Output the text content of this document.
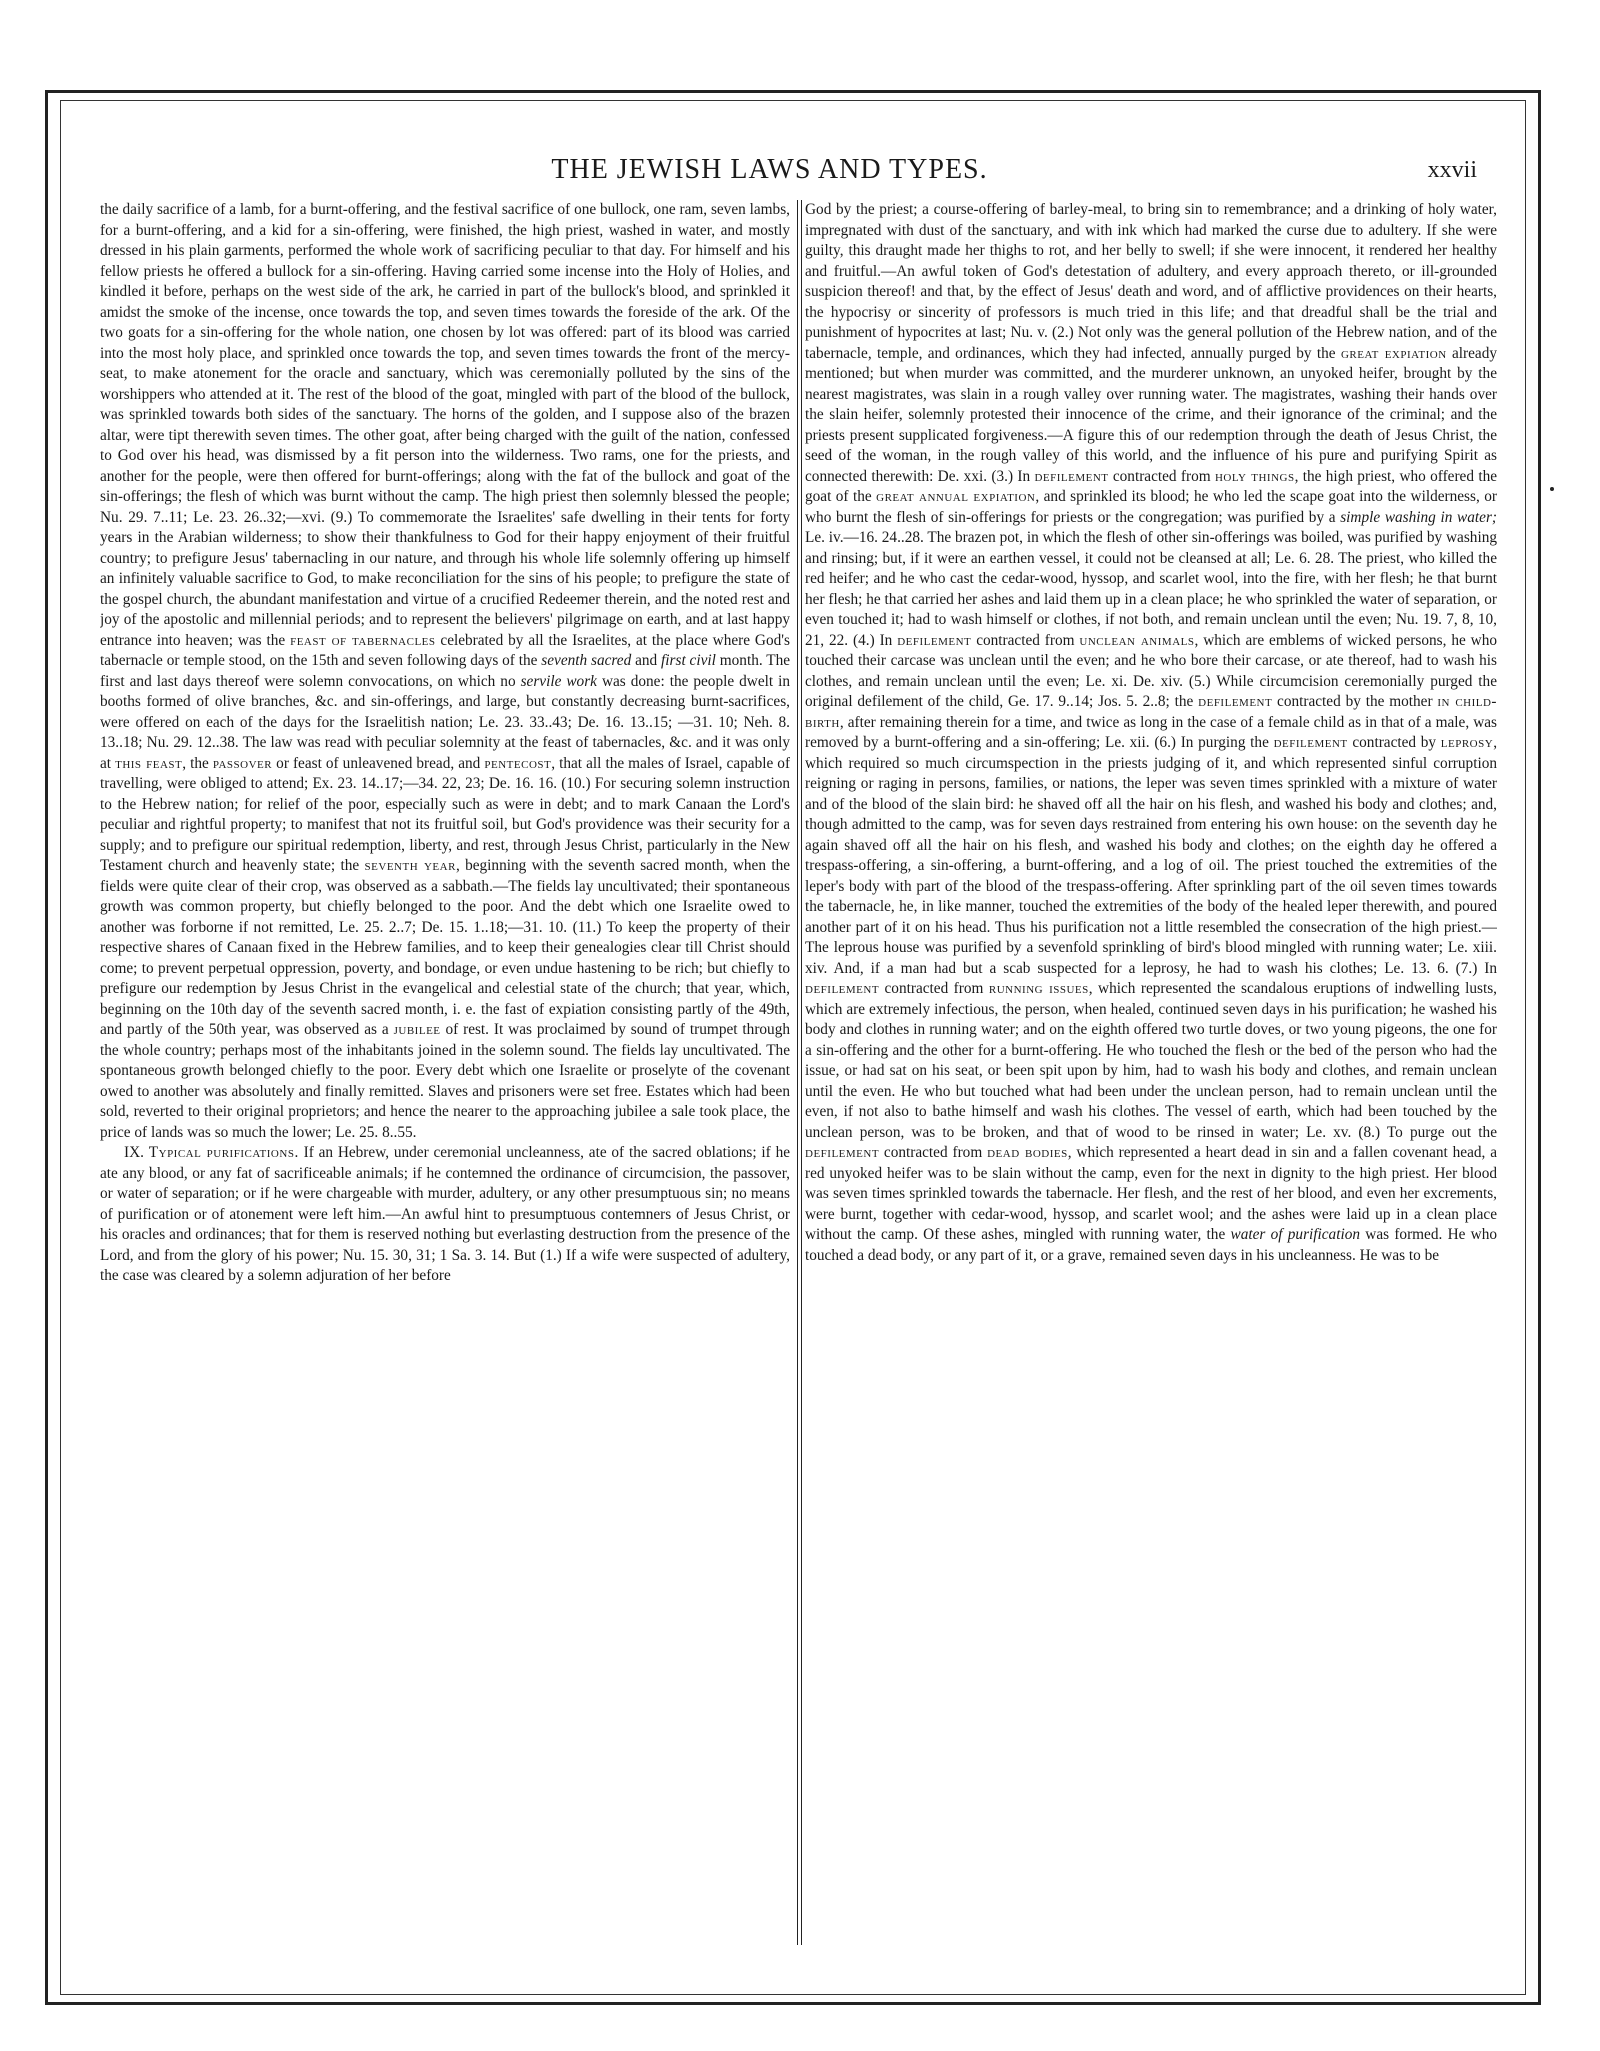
THE JEWISH LAWS AND TYPES.	xxvii

the daily sacrifice of a lamb, for a burnt-offering, and the festival sacrifice of one bullock, one ram, seven lambs, for a burnt-offering, and a kid for a sin-offering, were finished, the high priest, washed in water, and mostly dressed in his plain garments, performed the whole work of sacrificing peculiar to that day. For himself and his fellow priests he offered a bullock for a sin-offering. Having carried some incense into the Holy of Holies, and kindled it before, perhaps on the west side of the ark, he carried in part of the bullock's blood, and sprinkled it amidst the smoke of the incense, once towards the top, and seven times towards the foreside of the ark. Of the two goats for a sin-offering for the whole nation, one chosen by lot was offered: part of its blood was carried into the most holy place, and sprinkled once towards the top, and seven times towards the front of the mercy-seat, to make atonement for the oracle and sanctuary, which was ceremonially polluted by the sins of the worshippers who attended at it. The rest of the blood of the goat, mingled with part of the blood of the bullock, was sprinkled towards both sides of the sanctuary. The horns of the golden, and I suppose also of the brazen altar, were tipt therewith seven times. The other goat, after being charged with the guilt of the nation, confessed to God over his head, was dismissed by a fit person into the wilderness. Two rams, one for the priests, and another for the people, were then offered for burnt-offerings; along with the fat of the bullock and goat of the sin-offerings; the flesh of which was burnt without the camp. The high priest then solemnly blessed the people; Nu. 29. 7..11; Le. 23. 26..32;—xvi. (9.) To commemorate the Israelites' safe dwelling in their tents for forty years in the Arabian wilderness; to show their thankfulness to God for their happy enjoyment of their fruitful country; to prefigure Jesus' tabernacling in our nature, and through his whole life solemnly offering up himself an infinitely valuable sacrifice to God, to make reconciliation for the sins of his people; to prefigure the state of the gospel church, the abundant manifestation and virtue of a crucified Redeemer therein, and the noted rest and joy of the apostolic and millennial periods; and to represent the believers' pilgrimage on earth, and at last happy entrance into heaven; was the feast of tabernacles celebrated by all the Israelites, at the place where God's tabernacle or temple stood, on the 15th and seven following days of the seventh sacred and first civil month. The first and last days thereof were solemn convocations, on which no servile work was done: the people dwelt in booths formed of olive branches, &c. and sin-offerings, and large, but constantly decreasing burnt-sacrifices, were offered on each of the days for the Israelitish nation; Le. 23. 33..43; De. 16. 13..15; —31. 10; Neh. 8. 13..18; Nu. 29. 12..38. The law was read with peculiar solemnity at the feast of tabernacles, &c. and it was only at this feast, the passover or feast of unleavened bread, and pentecost, that all the males of Israel, capable of travelling, were obliged to attend; Ex. 23. 14..17;—34. 22, 23; De. 16. 16. (10.) For securing solemn instruction to the Hebrew nation; for relief of the poor, especially such as were in debt; and to mark Canaan the Lord's peculiar and rightful property; to manifest that not its fruitful soil, but God's providence was their security for a supply; and to prefigure our spiritual redemption, liberty, and rest, through Jesus Christ, particularly in the New Testament church and heavenly state; the seventh year, beginning with the seventh sacred month, when the fields were quite clear of their crop, was observed as a sabbath.—The fields lay uncultivated; their spontaneous growth was common property, but chiefly belonged to the poor. And the debt which one Israelite owed to another was forborne if not remitted, Le. 25. 2..7; De. 15. 1..18;—31. 10. (11.) To keep the property of their respective shares of Canaan fixed in the Hebrew families, and to keep their genealogies clear till Christ should come; to prevent perpetual oppression, poverty, and bondage, or even undue hastening to be rich; but chiefly to prefigure our redemption by Jesus Christ in the evangelical and celestial state of the church; that year, which, beginning on the 10th day of the seventh sacred month, i. e. the fast of expiation consisting partly of the 49th, and partly of the 50th year, was observed as a jubilee of rest. It was proclaimed by sound of trumpet through the whole country; perhaps most of the inhabitants joined in the solemn sound. The fields lay uncultivated. The spontaneous growth belonged chiefly to the poor. Every debt which one Israelite or proselyte of the covenant owed to another was absolutely and finally remitted. Slaves and prisoners were set free. Estates which had been sold, reverted to their original proprietors; and hence the nearer to the approaching jubilee a sale took place, the price of lands was so much the lower; Le. 25. 8..55.

IX. Typical purifications. If an Hebrew, under ceremonial uncleanness, ate of the sacred oblations; if he ate any blood, or any fat of sacrificeable animals; if he contemned the ordinance of circumcision, the passover, or water of separation; or if he were chargeable with murder, adultery, or any other presumptuous sin; no means of purification or of atonement were left him.—An awful hint to presumptuous contemners of Jesus Christ, or his oracles and ordinances; that for them is reserved nothing but everlasting destruction from the presence of the Lord, and from the glory of his power; Nu. 15. 30, 31; 1 Sa. 3. 14. But (1.) If a wife were suspected of adultery, the case was cleared by a solemn adjuration of her before

God by the priest; a course-offering of barley-meal, to bring sin to remembrance; and a drinking of holy water, impregnated with dust of the sanctuary, and with ink which had marked the curse due to adultery. If she were guilty, this draught made her thighs to rot, and her belly to swell; if she were innocent, it rendered her healthy and fruitful.—An awful token of God's detestation of adultery, and every approach thereto, or ill-grounded suspicion thereof! and that, by the effect of Jesus' death and word, and of afflictive providences on their hearts, the hypocrisy or sincerity of professors is much tried in this life; and that dreadful shall be the trial and punishment of hypocrites at last; Nu. v. (2.) Not only was the general pollution of the Hebrew nation, and of the tabernacle, temple, and ordinances, which they had infected, annually purged by the great expiation already mentioned; but when murder was committed, and the murderer unknown, an unyoked heifer, brought by the nearest magistrates, was slain in a rough valley over running water. The magistrates, washing their hands over the slain heifer, solemnly protested their innocence of the crime, and their ignorance of the criminal; and the priests present supplicated forgiveness.—A figure this of our redemption through the death of Jesus Christ, the seed of the woman, in the rough valley of this world, and the influence of his pure and purifying Spirit as connected therewith: De. xxi. (3.) In defilement contracted from holy things, the high priest, who offered the goat of the great annual expiation, and sprinkled its blood; he who led the scape goat into the wilderness, or who burnt the flesh of sin-offerings for priests or the congregation; was purified by a simple washing in water; Le. iv.—16. 24..28. The brazen pot, in which the flesh of other sin-offerings was boiled, was purified by washing and rinsing; but, if it were an earthen vessel, it could not be cleansed at all; Le. 6. 28. The priest, who killed the red heifer; and he who cast the cedar-wood, hyssop, and scarlet wool, into the fire, with her flesh; he that burnt her flesh; he that carried her ashes and laid them up in a clean place; he who sprinkled the water of separation, or even touched it; had to wash himself or clothes, if not both, and remain unclean until the even; Nu. 19. 7, 8, 10, 21, 22. (4.) In defilement contracted from unclean animals, which are emblems of wicked persons, he who touched their carcase was unclean until the even; and he who bore their carcase, or ate thereof, had to wash his clothes, and remain unclean until the even; Le. xi. De. xiv. (5.) While circumcision ceremonially purged the original defilement of the child, Ge. 17. 9..14; Jos. 5. 2..8; the defilement contracted by the mother in child-birth, after remaining therein for a time, and twice as long in the case of a female child as in that of a male, was removed by a burnt-offering and a sin-offering; Le. xii. (6.) In purging the defilement contracted by leprosy, which required so much circumspection in the priests judging of it, and which represented sinful corruption reigning or raging in persons, families, or nations, the leper was seven times sprinkled with a mixture of water and of the blood of the slain bird: he shaved off all the hair on his flesh, and washed his body and clothes; and, though admitted to the camp, was for seven days restrained from entering his own house: on the seventh day he again shaved off all the hair on his flesh, and washed his body and clothes; on the eighth day he offered a trespass-offering, a sin-offering, a burnt-offering, and a log of oil. The priest touched the extremities of the leper's body with part of the blood of the trespass-offering. After sprinkling part of the oil seven times towards the tabernacle, he, in like manner, touched the extremities of the body of the healed leper therewith, and poured another part of it on his head. Thus his purification not a little resembled the consecration of the high priest.—The leprous house was purified by a sevenfold sprinkling of bird's blood mingled with running water; Le. xiii. xiv. And, if a man had but a scab suspected for a leprosy, he had to wash his clothes; Le. 13. 6. (7.) In defilement contracted from running issues, which represented the scandalous eruptions of indwelling lusts, which are extremely infectious, the person, when healed, continued seven days in his purification; he washed his body and clothes in running water; and on the eighth offered two turtle doves, or two young pigeons, the one for a sin-offering and the other for a burnt-offering. He who touched the flesh or the bed of the person who had the issue, or had sat on his seat, or been spit upon by him, had to wash his body and clothes, and remain unclean until the even. He who but touched what had been under the unclean person, had to remain unclean until the even, if not also to bathe himself and wash his clothes. The vessel of earth, which had been touched by the unclean person, was to be broken, and that of wood to be rinsed in water; Le. xv. (8.) To purge out the defilement contracted from dead bodies, which represented a heart dead in sin and a fallen covenant head, a red unyoked heifer was to be slain without the camp, even for the next in dignity to the high priest. Her blood was seven times sprinkled towards the tabernacle. Her flesh, and the rest of her blood, and even her excrements, were burnt, together with cedar-wood, hyssop, and scarlet wool; and the ashes were laid up in a clean place without the camp. Of these ashes, mingled with running water, the water of purification was formed. He who touched a dead body, or any part of it, or a grave, remained seven days in his uncleanness. He was to be
